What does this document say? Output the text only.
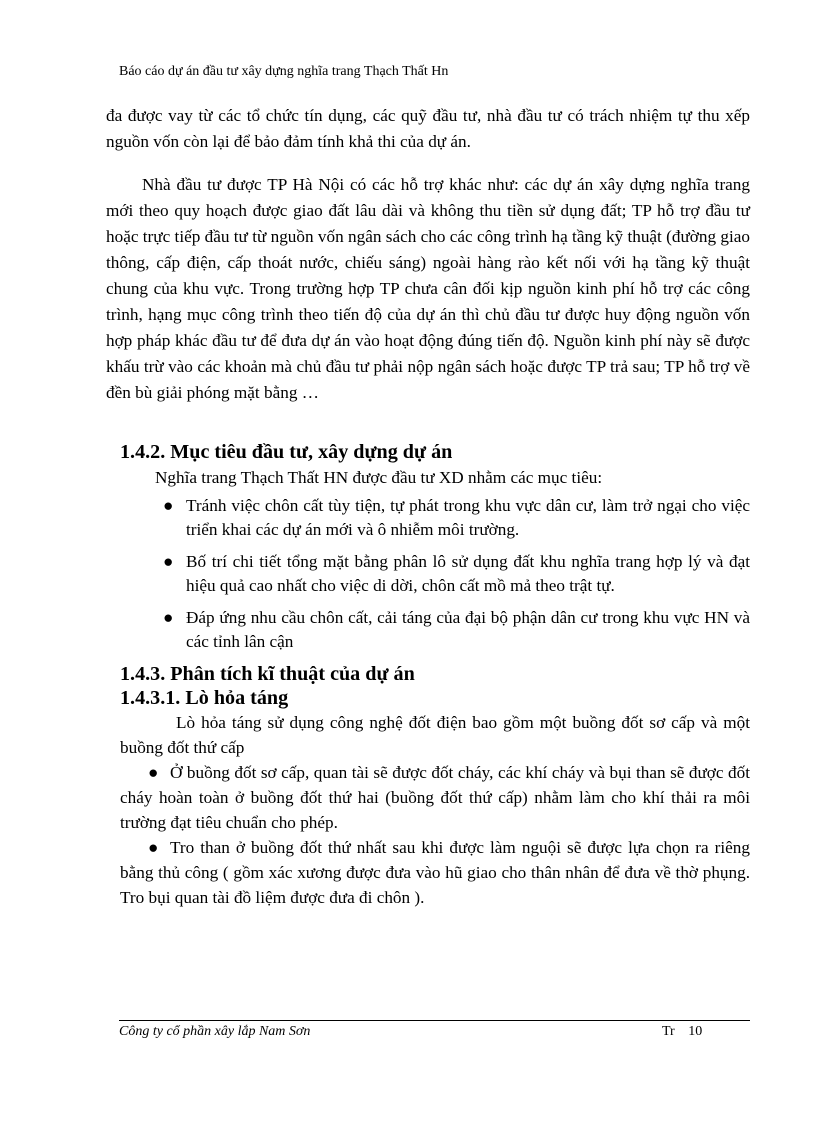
Báo cáo dự án đầu tư xây dựng nghĩa trang Thạch Thất Hn

đa được vay từ các tổ chức tín dụng, các quỹ đầu tư, nhà đầu tư có trách nhiệm tự thu xếp nguồn vốn còn lại để bảo đảm tính khả thi của dự án.

Nhà đầu tư được TP Hà Nội có các hỗ trợ khác như: các dự án xây dựng nghĩa trang mới theo quy hoạch được giao đất lâu dài và không thu tiền sử dụng đất; TP hỗ trợ đầu tư hoặc trực tiếp đầu tư từ nguồn vốn ngân sách cho các công trình hạ tầng kỹ thuật (đường giao thông, cấp điện, cấp thoát nước, chiếu sáng) ngoài hàng rào kết nối với hạ tầng kỹ thuật chung của khu vực. Trong trường hợp TP chưa cân đối kịp nguồn kinh phí hỗ trợ các công trình, hạng mục công trình theo tiến độ của dự án thì chủ đầu tư được huy động nguồn vốn hợp pháp khác đầu tư để đưa dự án vào hoạt động đúng tiến độ. Nguồn kinh phí này sẽ được khấu trừ vào các khoản mà chủ đầu tư phải nộp ngân sách hoặc được TP trả sau; TP hỗ trợ về đền bù giải phóng mặt bằng …

1.4.2. Mục tiêu đầu tư, xây dựng dự án

Nghĩa trang Thạch Thất HN được đầu tư XD nhằm các mục tiêu:

● Tránh việc chôn cất tùy tiện, tự phát trong khu vực dân cư, làm trở ngại cho việc triển khai các dự án mới và ô nhiễm môi trường.
● Bố trí chi tiết tổng mặt bằng phân lô sử dụng đất khu nghĩa trang hợp lý và đạt hiệu quả cao nhất cho việc di dời, chôn cất mồ mả theo trật tự.
● Đáp ứng nhu cầu chôn cất, cải táng của đại bộ phận dân cư trong khu vực HN và các tỉnh lân cận
1.4.3. Phân tích kĩ thuật của dự án
1.4.3.1. Lò hỏa táng

Lò hỏa táng sử dụng công nghệ đốt điện bao gồm một buồng đốt sơ cấp và một buồng đốt thứ cấp

● Ở buồng đốt sơ cấp, quan tài sẽ được đốt cháy, các khí cháy và bụi than sẽ được đốt cháy hoàn toàn ở buồng đốt thứ hai (buồng đốt thứ cấp) nhằm làm cho khí thải ra môi trường đạt tiêu chuẩn cho phép.

● Tro than ở buồng đốt thứ nhất sau khi được làm nguội sẽ được lựa chọn ra riêng bằng thủ công ( gồm xác xương được đưa vào hũ giao cho thân nhân để đưa về thờ phụng. Tro bụi quan tài đồ liệm được đưa đi chôn ).

Công ty cổ phần xây lắp Nam Sơn	Tr 10
